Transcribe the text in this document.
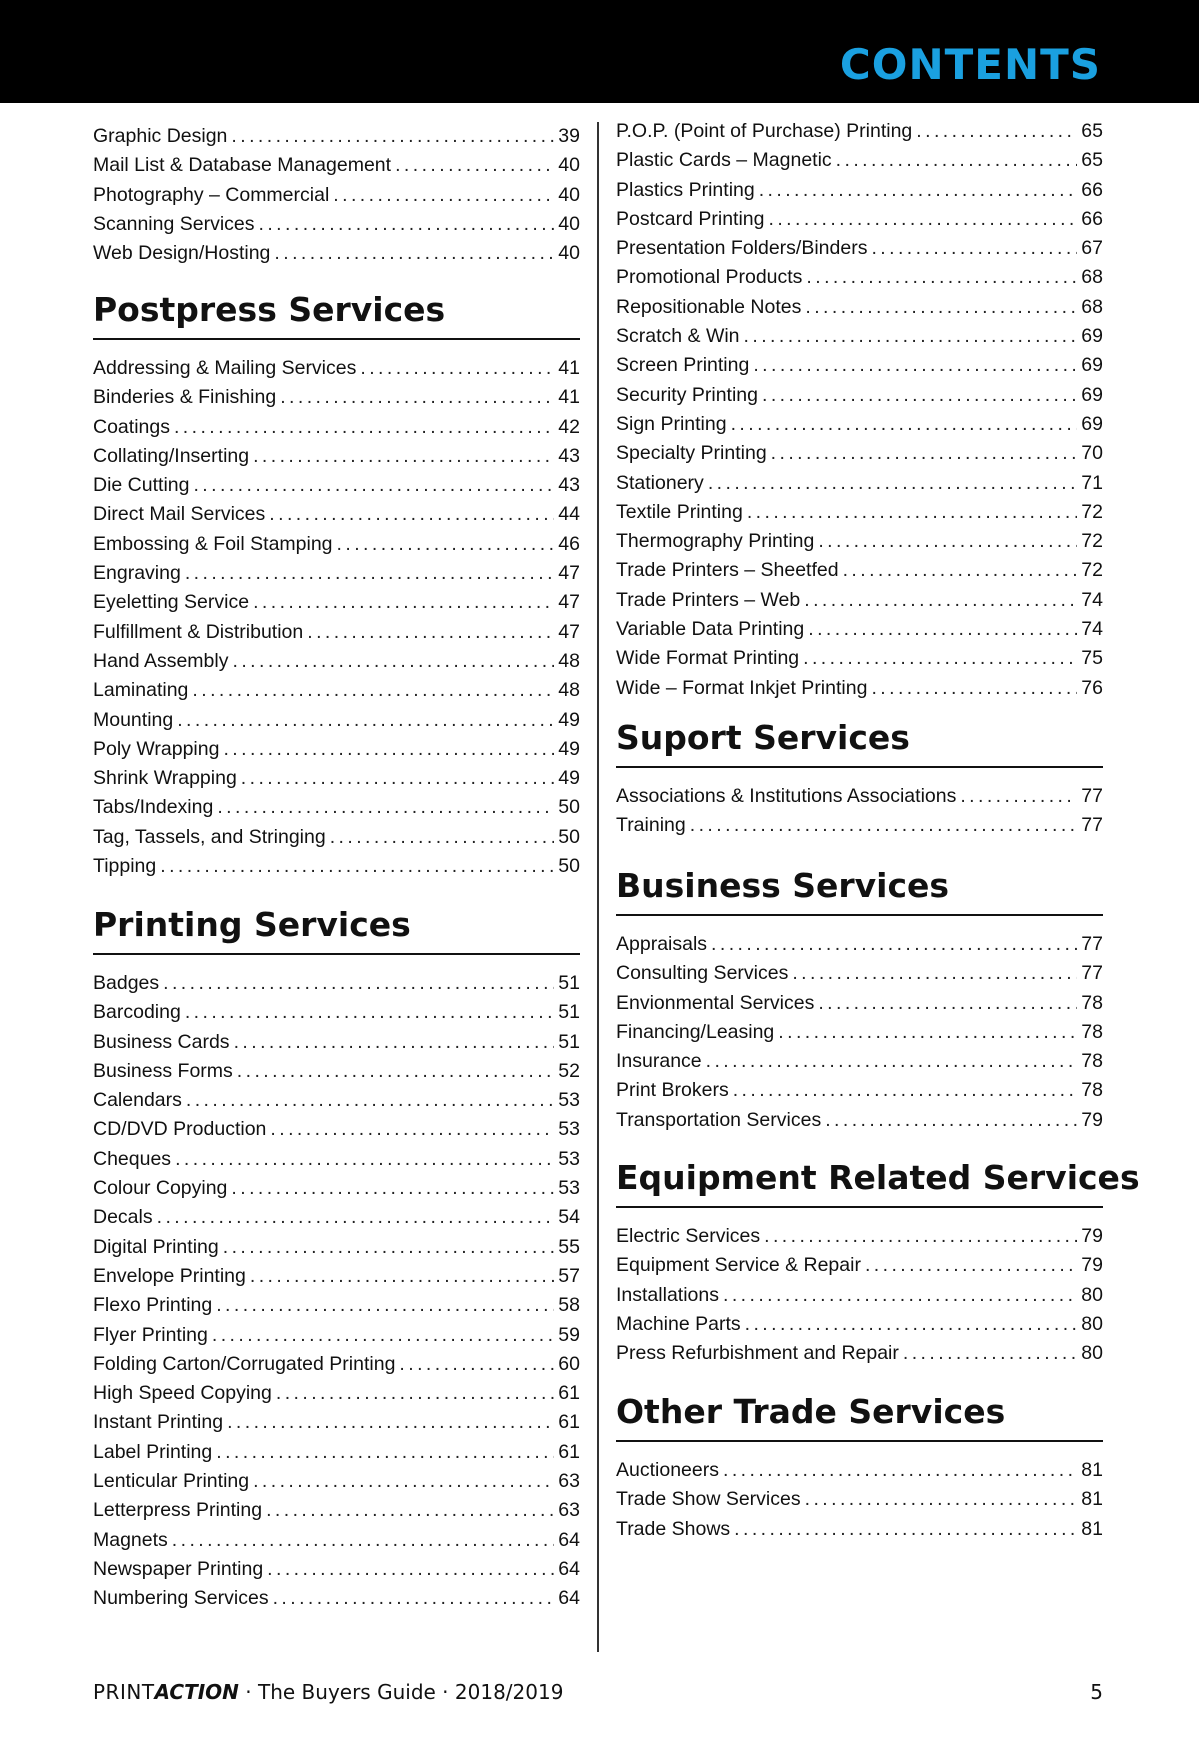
CONTENTS
Graphic Design . . .	39
Mail List & Database Management . . .	40
Photography – Commercial . . .	40
Scanning Services . . .	40
Web Design/Hosting . . .	40
Postpress Services
Addressing & Mailing Services . . .	41
Binderies & Finishing . . .	41
Coatings . . .	42
Collating/Inserting . . .	43
Die Cutting . . .	43
Direct Mail Services . . .	44
Embossing & Foil Stamping . . .	46
Engraving . . .	47
Eyeletting Service . . .	47
Fulfillment & Distribution . . .	47
Hand Assembly . . .	48
Laminating . . .	48
Mounting . . .	49
Poly Wrapping . . .	49
Shrink Wrapping . . .	49
Tabs/Indexing . . .	50
Tag, Tassels, and Stringing . . .	50
Tipping . . .	50
Printing Services
Badges . . .	51
Barcoding . . .	51
Business Cards . . .	51
Business Forms . . .	52
Calendars . . .	53
CD/DVD Production . . .	53
Cheques . . .	53
Colour Copying . . .	53
Decals . . .	54
Digital Printing . . .	55
Envelope Printing . . .	57
Flexo Printing . . .	58
Flyer Printing . . .	59
Folding Carton/Corrugated Printing . . .	60
High Speed Copying . . .	61
Instant Printing . . .	61
Label Printing . . .	61
Lenticular Printing . . .	63
Letterpress Printing . . .	63
Magnets . . .	64
Newspaper Printing . . .	64
Numbering Services . . .	64
P.O.P. (Point of Purchase) Printing . . .	65
Plastic Cards – Magnetic . . .	65
Plastics Printing . . .	66
Postcard Printing . . .	66
Presentation Folders/Binders . . .	67
Promotional Products . . .	68
Repositionable Notes . . .	68
Scratch & Win . . .	69
Screen Printing . . .	69
Security Printing . . .	69
Sign Printing . . .	69
Specialty Printing . . .	70
Stationery . . .	71
Textile Printing . . .	72
Thermography Printing . . .	72
Trade Printers – Sheetfed . . .	72
Trade Printers – Web . . .	74
Variable Data Printing . . .	74
Wide Format Printing . . .	75
Wide – Format Inkjet Printing . . .	76
Suport Services
Associations & Institutions Associations . . .	77
Training . . .	77
Business Services
Appraisals . . .	77
Consulting Services . . .	77
Envionmental Services . . .	78
Financing/Leasing . . .	78
Insurance . . .	78
Print Brokers . . .	78
Transportation Services . . .	79
Equipment Related Services
Electric Services . . .	79
Equipment Service & Repair . . .	79
Installations . . .	80
Machine Parts . . .	80
Press Refurbishment and Repair . . .	80
Other Trade Services
Auctioneers . . .	81
Trade Show Services . . .	81
Trade Shows . . .	81
PRINTACTION · The Buyers Guide · 2018/2019	5
